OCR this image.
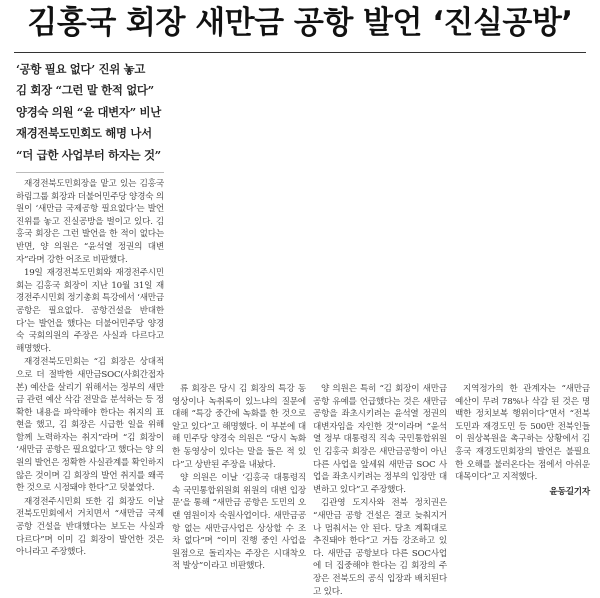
김홍국 회장 새만금 공항 발언 ‘진실공방’
‘공항 필요 없다’ 진위 놓고
김 회장 “그런 말 한적 없다”
양경숙 의원 “윤 대변자” 비난
재경전북도민회도 해명 나서
“더 급한 사업부터 하자는 것”

재경전북도민회장을 맡고 있는 김홍국 하림그룹 회장과 더불어민주당 양경숙 의원이 ‘새만금 국제공항 필요없다’는 발언 진위를 놓고 진실공방을 벌이고 있다. 김홍국 회장은 그런 발언을 한 적이 없다는 반면, 양 의원은 “윤석열 정권의 대변자”라며 강한 어조로 비판했다.

19일 재경전북도민회와 재경전주시민회는 김홍국 회장이 지난 10월 31일 재경전주시민회 정기총회 특강에서 ‘새만금 공항은 필요없다. 공항건설을 반대한다’는 발언을 했다는 더불어민주당 양경숙 국회의원의 주장은 사실과 다르다고 해명했다.

재경전북도민회는 “김 회장은 상대적으로 더 절박한 새만금SOC(사회간접자본) 예산을 살리기 위해서는 정부의 새만금 관련 예산 삭감 전말을 분석하는 등 정확한 내용을 파악해야 한다는 취지의 표현을 했고, 김 회장은 시급한 일을 위해 함께 노력하자는 취지”라며 “김 회장이 ‘새만금 공항은 필요없다’고 했다는 양 의원의 발언은 정확한 사실관계를 확인하지 않은 것이며 김 회장의 발언 취지를 왜곡한 것으로 시정돼야 한다”고 덧붙였다.

재경전주시민회 또한 김 회장도 이날 전북도민회에서 거치면서 “새만금 국제공항 건설을 반대했다는 보도는 사실과 다르다”며 이미 김 회장이 발언한 것은 아니라고 주장했다.

류 회장은 당시 김 회장의 특강 동영상이나 녹취록이 있느냐의 질문에 대해 “특강 중간에 녹화를 한 것으로 알고 있다”고 해명했다. 이 부분에 대해 민주당 양경숙 의원은 “당시 녹화한 동영상이 있다는 말을 들은 적 있다”고 상반된 주장을 내놨다.

양 의원은 이날 ‘김홍국 대통령직속 국민통합위원회 위원의 대변 입장문’을 통해 “새만금 공항은 도민의 오랜 염원이자 숙원사업이다. 새만금공항 없는 새만금사업은 상상할 수 조차 없다”며 “이미 진행 중인 사업을 원점으로 돌리자는 주장은 시대착오적 발상”이라고 비판했다.

양 의원은 특히 “김 회장이 새만금공항 유예를 언급했다는 것은 새만금공항을 좌초시키려는 윤석열 정권의 대변자임을 자인한 것”이라며 “윤석열 정부 대통령직 직속 국민통합위원인 김홍국 회장은 새만금공항이 아닌 다른 사업을 앞세워 새만금 SOC 사업을 좌초시키려는 정부의 입장만 대변하고 있다”고 주장했다.

김관영 도지사와 전북 정치권은 “새만금 공항 건설은 결코 늦춰지거나 멈춰서는 안 된다. 당초 계획대로 추진돼야 한다”고 거듭 강조하고 있다. 새만금 공항보다 다른 SOC사업에 더 집중해야 한다는 김 회장의 주장은 전북도의 공식 입장과 배치된다고 있다.

지역정가의 한 관계자는 “새만금 예산이 무려 78%나 삭감 된 것은 명백한 정치보복 행위이다”면서 “전북도민과 재경도민 등 500만 전북인들이 원상복원을 촉구하는 상황에서 김홍국 재경도민회장의 발언은 불필요한 오해를 불러온다는 점에서 아쉬운 대목이다”고 지적했다.

윤동길기자
